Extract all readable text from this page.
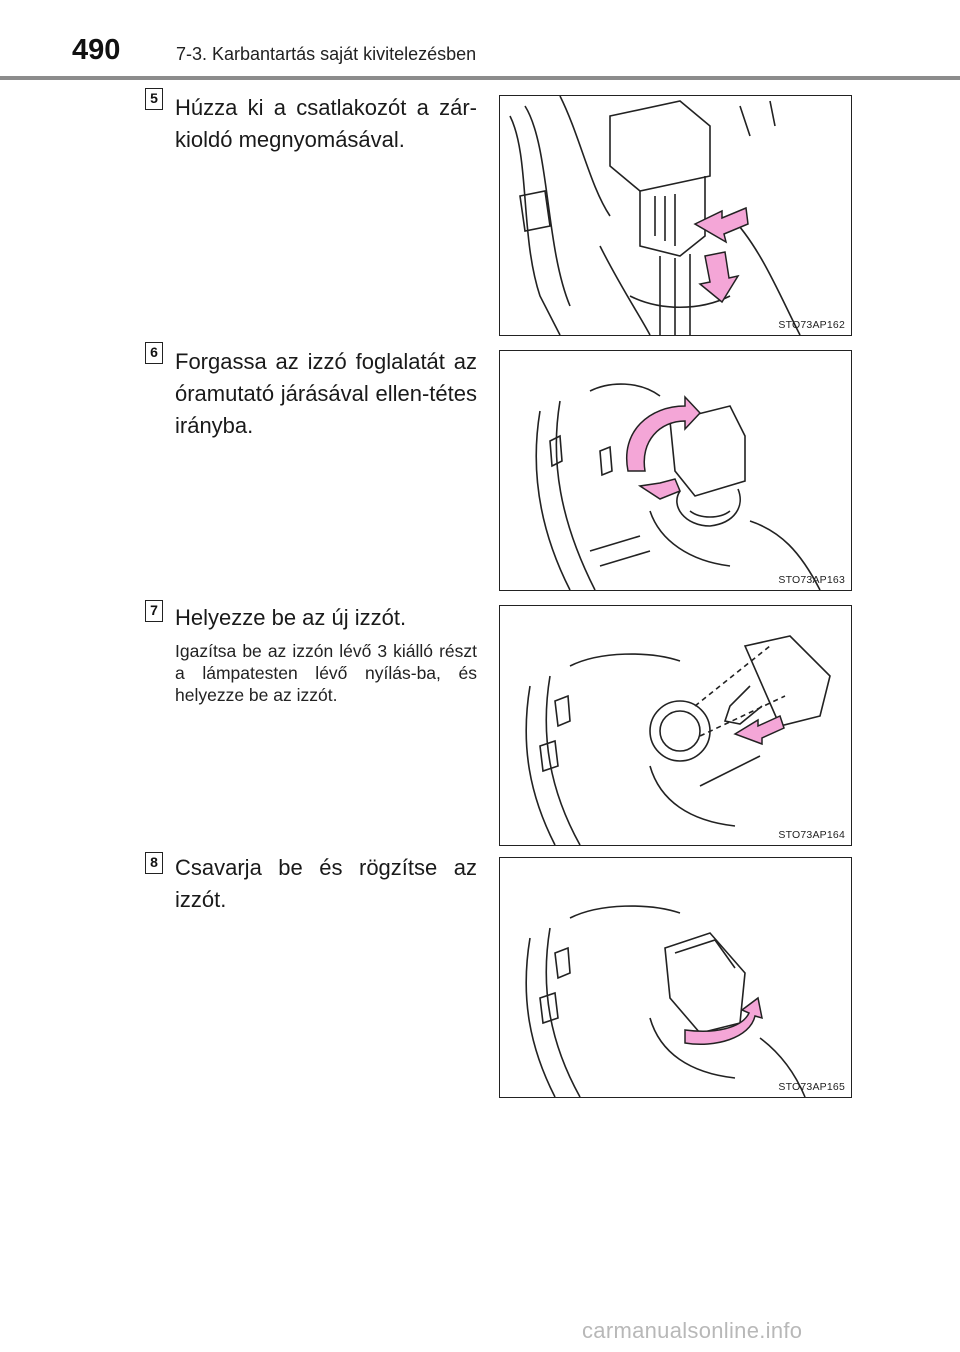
490	7-3. Karbantartás saját kivitelezésben
5 Húzza ki a csatlakozót a zár-kioldó megnyomásával.
STO73AP162
6 Forgassa az izzó foglalatát az óramutató járásával ellen-tétes irányba.
STO73AP163
7 Helyezze be az új izzót.
Igazítsa be az izzón lévő 3 kiálló részt a lámpatesten lévő nyílás-ba, és helyezze be az izzót.
STO73AP164
8 Csavarja be és rögzítse az izzót.
STO73AP165
carmanualsonline.info
